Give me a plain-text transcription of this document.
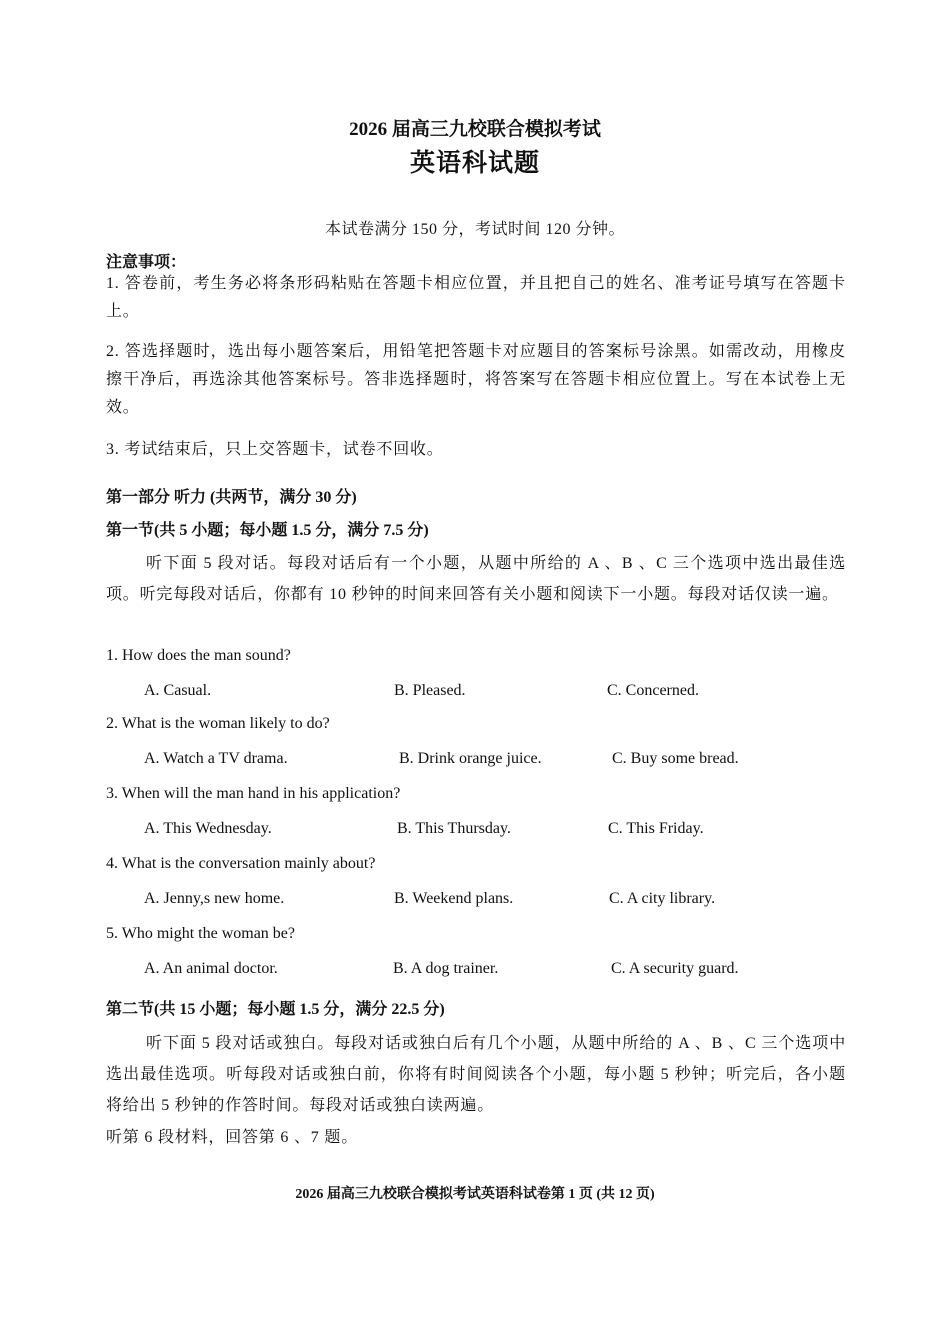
2026 届高三九校联合模拟考试
英语科试题
本试卷满分 150 分，考试时间 120 分钟。
注意事项：
1. 答卷前，考生务必将条形码粘贴在答题卡相应位置，并且把自己的姓名、准考证号填写在答题卡上。
2. 答选择题时，选出每小题答案后，用铅笔把答题卡对应题目的答案标号涂黑。如需改动，用橡皮擦干净后，再选涂其他答案标号。答非选择题时，将答案写在答题卡相应位置上。写在本试卷上无效。
3. 考试结束后，只上交答题卡，试卷不回收。
第一部分 听力 (共两节，满分 30 分)
第一节(共 5 小题；每小题 1.5 分，满分 7.5 分)
听下面 5 段对话。每段对话后有一个小题，从题中所给的 A 、B 、C 三个选项中选出最佳选项。听完每段对话后，你都有 10 秒钟的时间来回答有关小题和阅读下一小题。每段对话仅读一遍。
1. How does the man sound?
A. Casual.	B. Pleased.	C. Concerned.
2. What is the woman likely to do?
A. Watch a TV drama.	B. Drink orange juice.	C. Buy some bread.
3. When will the man hand in his application?
A. This Wednesday.	B. This Thursday.	C. This Friday.
4. What is the conversation mainly about?
A. Jenny,s new home.	B. Weekend plans.	C. A city library.
5. Who might the woman be?
A. An animal doctor.	B. A dog trainer.	C. A security guard.
第二节(共 15 小题；每小题 1.5 分，满分 22.5 分)
听下面 5 段对话或独白。每段对话或独白后有几个小题，从题中所给的 A 、B 、C 三个选项中选出最佳选项。听每段对话或独白前，你将有时间阅读各个小题，每小题 5 秒钟；听完后，各小题将给出 5 秒钟的作答时间。每段对话或独白读两遍。
听第 6 段材料，回答第 6 、7 题。
2026 届高三九校联合模拟考试英语科试卷第 1 页 (共 12 页)
